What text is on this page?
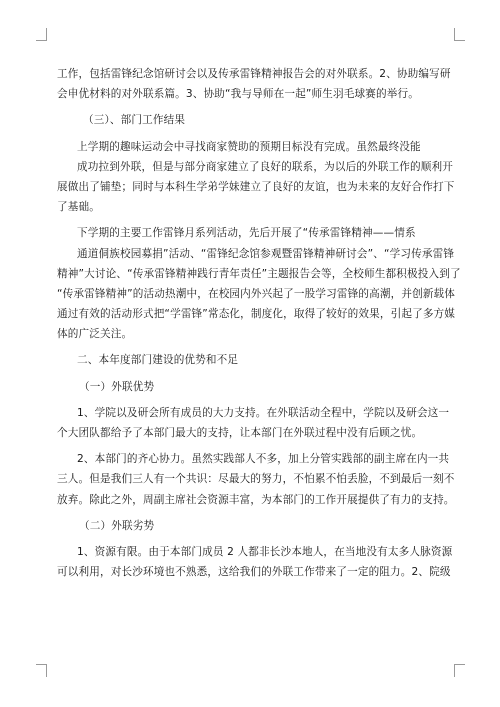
工作，包括雷锋纪念馆研讨会以及传承雷锋精神报告会的对外联系。2、协助编写研
会申优材料的对外联系篇。3、协助“我与导师在一起”师生羽毛球赛的举行。
（三）、部门工作结果
上学期的趣味运动会中寻找商家赞助的预期目标没有完成。虽然最终没能
成功拉到外联，但是与部分商家建立了良好的联系，为以后的外联工作的顺利开
展做出了铺垫；同时与本科生学弟学妹建立了良好的友谊，也为未来的友好合作打下
了基础。
下学期的主要工作雷锋月系列活动，先后开展了“传承雷锋精神——情系
通道侗族校园募捐”活动、“雷锋纪念馆参观暨雷锋精神研讨会”、“学习传承雷锋
精神”大讨论、“传承雷锋精神践行青年责任”主题报告会等，全校师生都积极投入到了
“传承雷锋精神”的活动热潮中，在校园内外兴起了一股学习雷锋的高潮，并创新载体
通过有效的活动形式把“学雷锋”常态化，制度化，取得了较好的效果，引起了多方媒
体的广泛关注。
二、本年度部门建设的优势和不足
（一）外联优势
1、学院以及研会所有成员的大力支持。在外联活动全程中，学院以及研会这一
个大团队都给予了本部门最大的支持，让本部门在外联过程中没有后顾之忧。
2、本部门的齐心协力。虽然实践部人不多，加上分管实践部的副主席在内一共
三人。但是我们三人有一个共识：尽最大的努力，不怕累不怕丢脸，不到最后一刻不
放弃。除此之外，周副主席社会资源丰富，为本部门的工作开展提供了有力的支持。
（二）外联劣势
1、资源有限。由于本部门成员 2 人都非长沙本地人，在当地没有太多人脉资源
可以利用，对长沙环境也不熟悉，这给我们的外联工作带来了一定的阻力。2、院级
